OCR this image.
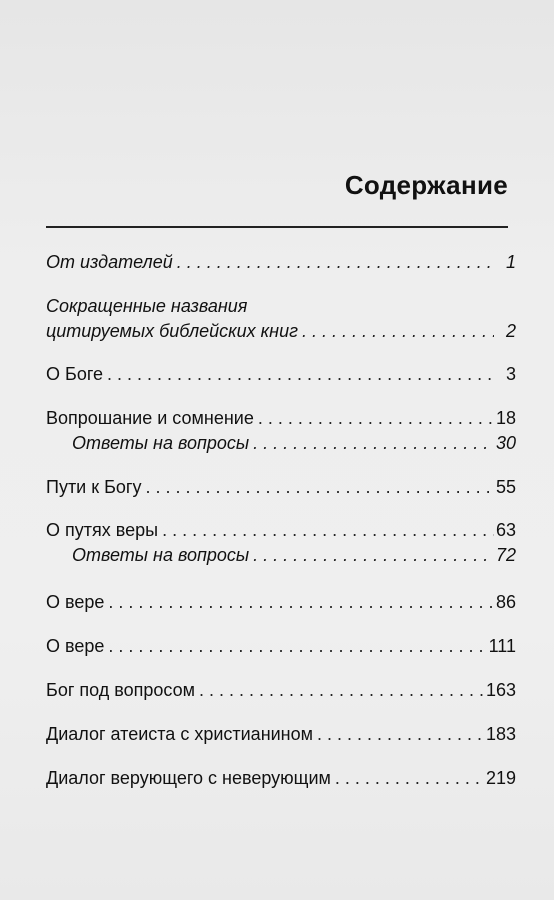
Содержание
От издателей . . .	1
Сокращенные названия
цитируемых библейских книг . . .	2
О Боге . . .	3
Вопрошание и сомнение . . .	18
Ответы на вопросы . . .	30
Пути к Богу . . .	55
О путях веры . . .	63
Ответы на вопросы . . .	72
О вере . . .	86
О вере . . .	111
Бог под вопросом . . .	163
Диалог атеиста с христианином . . .	183
Диалог верующего с неверующим . . .	219
